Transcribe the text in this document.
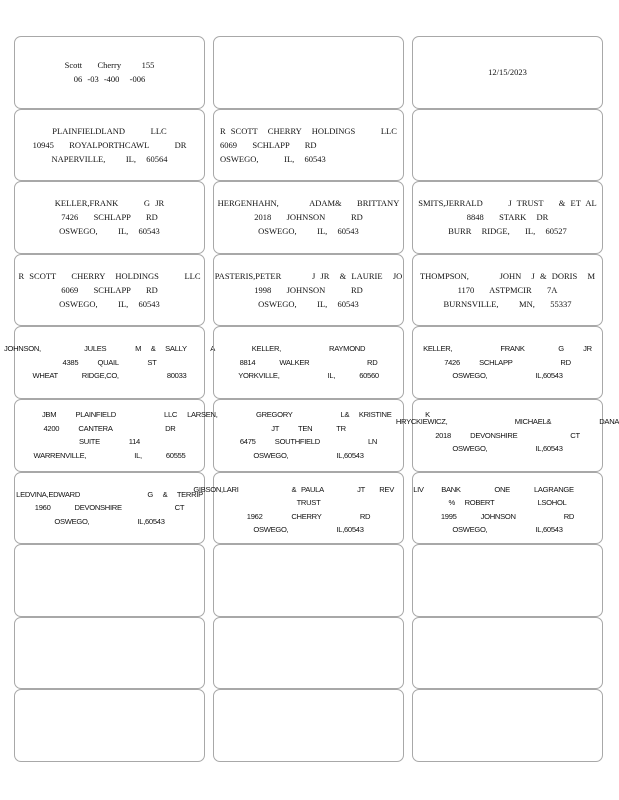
Scott   Cherry    155
06 -03 -400  -006
12/15/2023
PLAINFIELDLAND     LLC
10945   ROYALPORTHCAWL     DR
NAPERVILLE,    IL,  60564
R SCOTT  CHERRY  HOLDINGS     LLC
6069   SCHLAPP   RD
OSWEGO,     IL,  60543
KELLER,FRANK     G JR
7426   SCHLAPP   RD
OSWEGO,    IL,  60543
HERGENHAHN,      ADAM&   BRITTANY
2018   JOHNSON     RD
OSWEGO,    IL,  60543
SMITS,JERRALD     J TRUST   & ET AL
8848   STARK  DR
BURR  RIDGE,   IL,  60527
R SCOTT   CHERRY  HOLDINGS     LLC
6069   SCHLAPP   RD
OSWEGO,    IL,  60543
PASTERIS,PETER      J JR  & LAURIE  JO
1998   JOHNSON     RD
OSWEGO,    IL,  60543
THOMPSON,      JOHN  J & DORIS  M
1170   ASTPMCIR   7A
BURNSVILLE,    MN,   55337
JOHNSON,         JULES      M  &  SALLY     A
4385    QUAIL      ST
WHEAT     RIDGE,CO,          80033
KELLER,          RAYMOND
8814     WALKER            RD
YORKVILLE,          IL,     60560
KELLER,          FRANK       G    JR
7426    SCHLAPP          RD
OSWEGO,          IL,60543
JBM    PLAINFIELD          LLC
4200    CANTERA           DR
SUITE      114
WARRENVILLE,          IL,     60555
LARSEN,        GREGORY          L&  KRISTINE       K
JT    TEN     TR
6475    SOUTHFIELD          LN
OSWEGO,          IL,60543
HRYCKIEWICZ,              MICHAEL&          DANA
2018    DEVONSHIRE           CT
OSWEGO,          IL,60543
LEDVINA,EDWARD              G  &  TERRIP
1960     DEVONSHIRE           CT
OSWEGO,          IL,60543
GIBSON,LARI           & PAULA       JT   REV    LIV
TRUST
1962      CHERRY        RD
OSWEGO,          IL,60543
BANK       ONE     LAGRANGE
%  ROBERT         LSOHOL
1995     JOHNSON          RD
OSWEGO,          IL,60543
